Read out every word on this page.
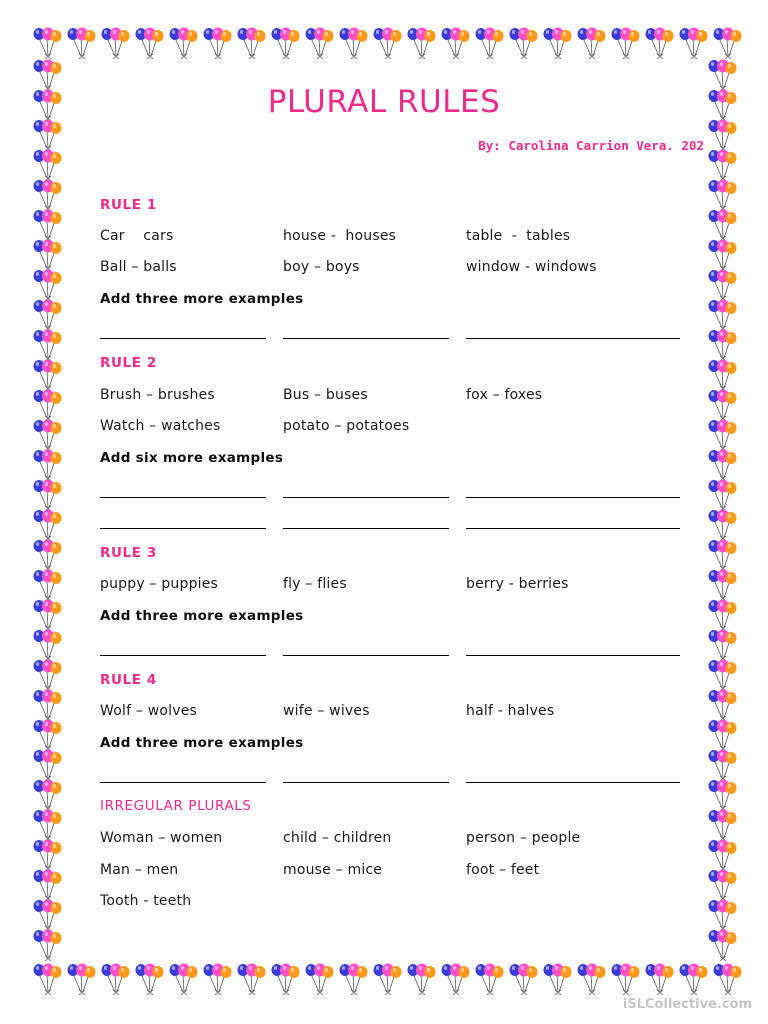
PLURAL RULES
By: Carolina Carrion Vera. 202
RULE 1
Car    cars	house -  houses	table  -  tables
Ball – balls	boy – boys	window - windows
Add three more examples
RULE 2
Brush – brushes	Bus – buses	fox – foxes
Watch – watches	potato – potatoes
Add six more examples
RULE 3
puppy – puppies	fly – flies	berry - berries
Add three more examples
RULE 4
Wolf – wolves	wife – wives	half - halves
Add three more examples
IRREGULAR PLURALS
Woman – women	child – children	person – people
Man – men	mouse – mice	foot – feet
Tooth - teeth
iSLCollective.com
